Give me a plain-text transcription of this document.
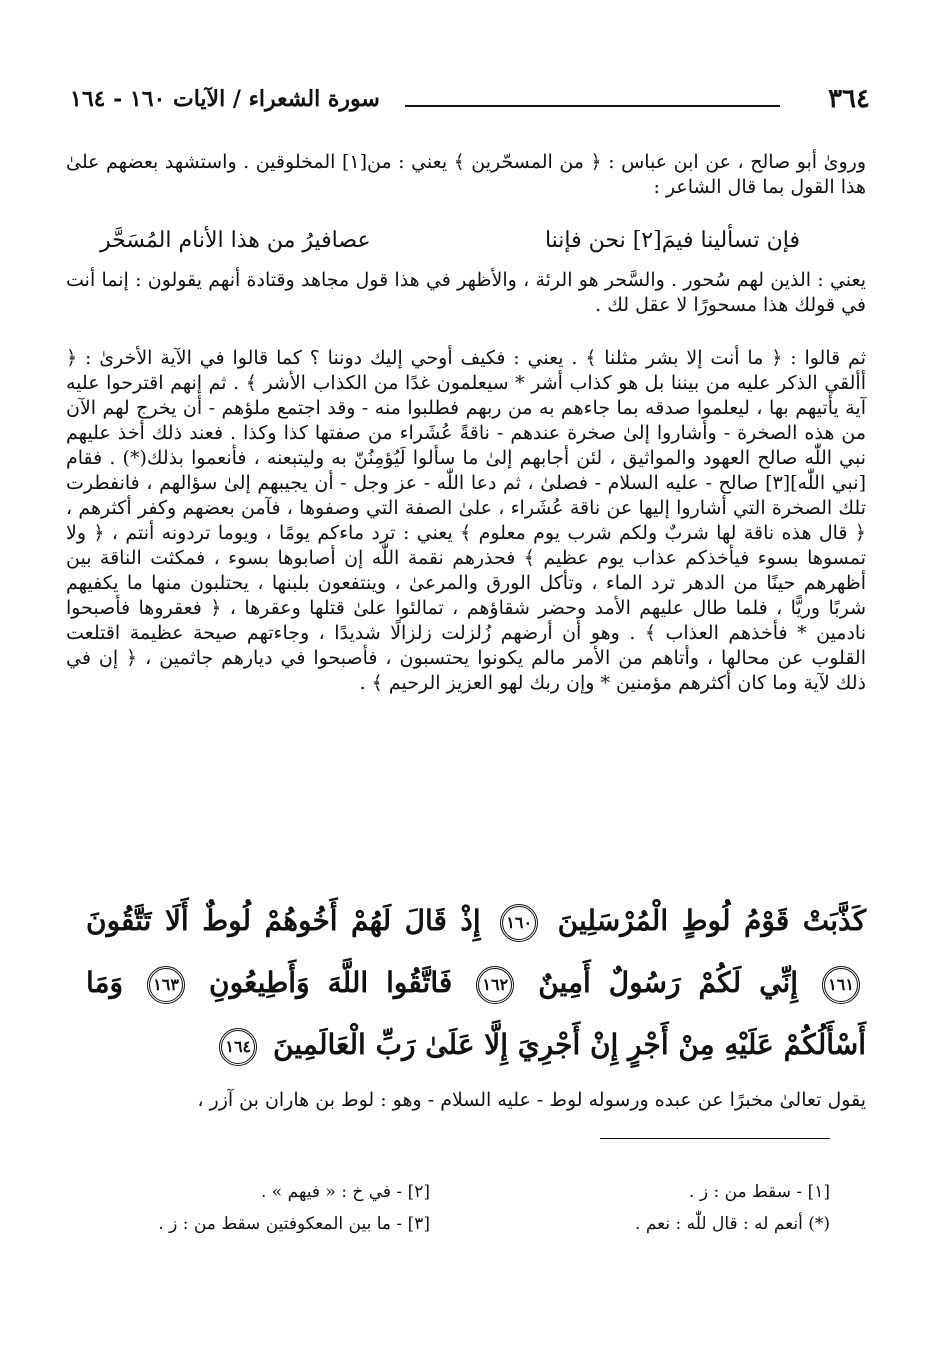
٣٦٤
سورة الشعراء / الآيات ١٦٠ - ١٦٤
وروىٰ أبو صالح ، عن ابن عباس : ﴿ من المسحّرين ﴾ يعني : من[١] المخلوقين . واستشهد بعضهم علىٰ هذا القول بما قال الشاعر :
فإن تسألينا فيمَ[٢] نحن فإننا
عصافيرُ من هذا الأنام المُسَحَّر
يعني : الذين لهم سُحور . والسَّحر هو الرئة ، والأظهر في هذا قول مجاهد وقتادة أنهم يقولون : إنما أنت في قولك هذا مسحورًا لا عقل لك .
ثم قالوا : ﴿ ما أنت إلا بشر مثلنا ﴾ . يعني : فكيف أوحي إليك دوننا ؟ كما قالوا في الآية الأخرىٰ : ﴿ أألقي الذكر عليه من بيننا بل هو كذاب أشر * سيعلمون غدًا من الكذاب الأشر ﴾ . ثم إنهم اقترحوا عليه آية يأتيهم بها ، ليعلموا صدقه بما جاءهم به من ربهم فطلبوا منه - وقد اجتمع ملؤهم - أن يخرج لهم الآن من هذه الصخرة - وأشاروا إلىٰ صخرة عندهم - ناقةً عُشَراء من صفتها كذا وكذا . فعند ذلك أخذ عليهم نبي اللّٰه صالح العهود والمواثيق ، لئن أجابهم إلىٰ ما سألوا لَيُؤمِنُنّ به وليتبعنه ، فأنعموا بذلك(*) . فقام [نبي اللّٰه][٣] صالح - عليه السلام - فصلىٰ ، ثم دعا اللّٰه - عز وجل - أن يجيبهم إلىٰ سؤالهم ، فانفطرت تلك الصخرة التي أشاروا إليها عن ناقة عُشَراء ، علىٰ الصفة التي وصفوها ، فآمن بعضهم وكفر أكثرهم ، ﴿ قال هذه ناقة لها شربٌ ولكم شرب يوم معلوم ﴾ يعني : ترد ماءكم يومًا ، ويوما تردونه أنتم ، ﴿ ولا تمسوها بسوء فيأخذكم عذاب يوم عظيم ﴾ فحذرهم نقمة اللّٰه إن أصابوها بسوء ، فمكثت الناقة بين أظهرهم حينًا من الدهر ترد الماء ، وتأكل الورق والمرعىٰ ، وينتفعون بلبنها ، يحتلبون منها ما يكفيهم شربًا وريًّا ، فلما طال عليهم الأمد وحضر شقاؤهم ، تمالئوا علىٰ قتلها وعقرها ، ﴿ فعقروها فأصبحوا نادمين * فأخذهم العذاب ﴾ . وهو أن أرضهم زُلزلت زلزالًا شديدًا ، وجاءتهم صيحة عظيمة اقتلعت القلوب عن محالها ، وأتاهم من الأمر مالم يكونوا يحتسبون ، فأصبحوا في ديارهم جاثمين ، ﴿ إن في ذلك لآية وما كان أكثرهم مؤمنين * وإن ربك لهو العزيز الرحيم ﴾ .
كَذَّبَتْ قَوْمُ لُوطٍ الْمُرْسَلِينَ ١٦٠ إِذْ قَالَ لَهُمْ أَخُوهُمْ لُوطٌ أَلَا تَتَّقُونَ ١٦١ إِنِّي لَكُمْ رَسُولٌ أَمِينٌ ١٦٢ فَاتَّقُوا اللَّهَ وَأَطِيعُونِ ١٦٣ وَمَا أَسْأَلُكُمْ عَلَيْهِ مِنْ أَجْرٍ إِنْ أَجْرِيَ إِلَّا عَلَىٰ رَبِّ الْعَالَمِينَ ١٦٤
يقول تعالىٰ مخبرًا عن عبده ورسوله لوط - عليه السلام - وهو : لوط بن هاران بن آزر ،
[١] - سقط من : ز .
(*) أنعم له : قال للّٰه : نعم .
[٢] - في خ : « فيهم » .
[٣] - ما بين المعكوفتين سقط من : ز .
